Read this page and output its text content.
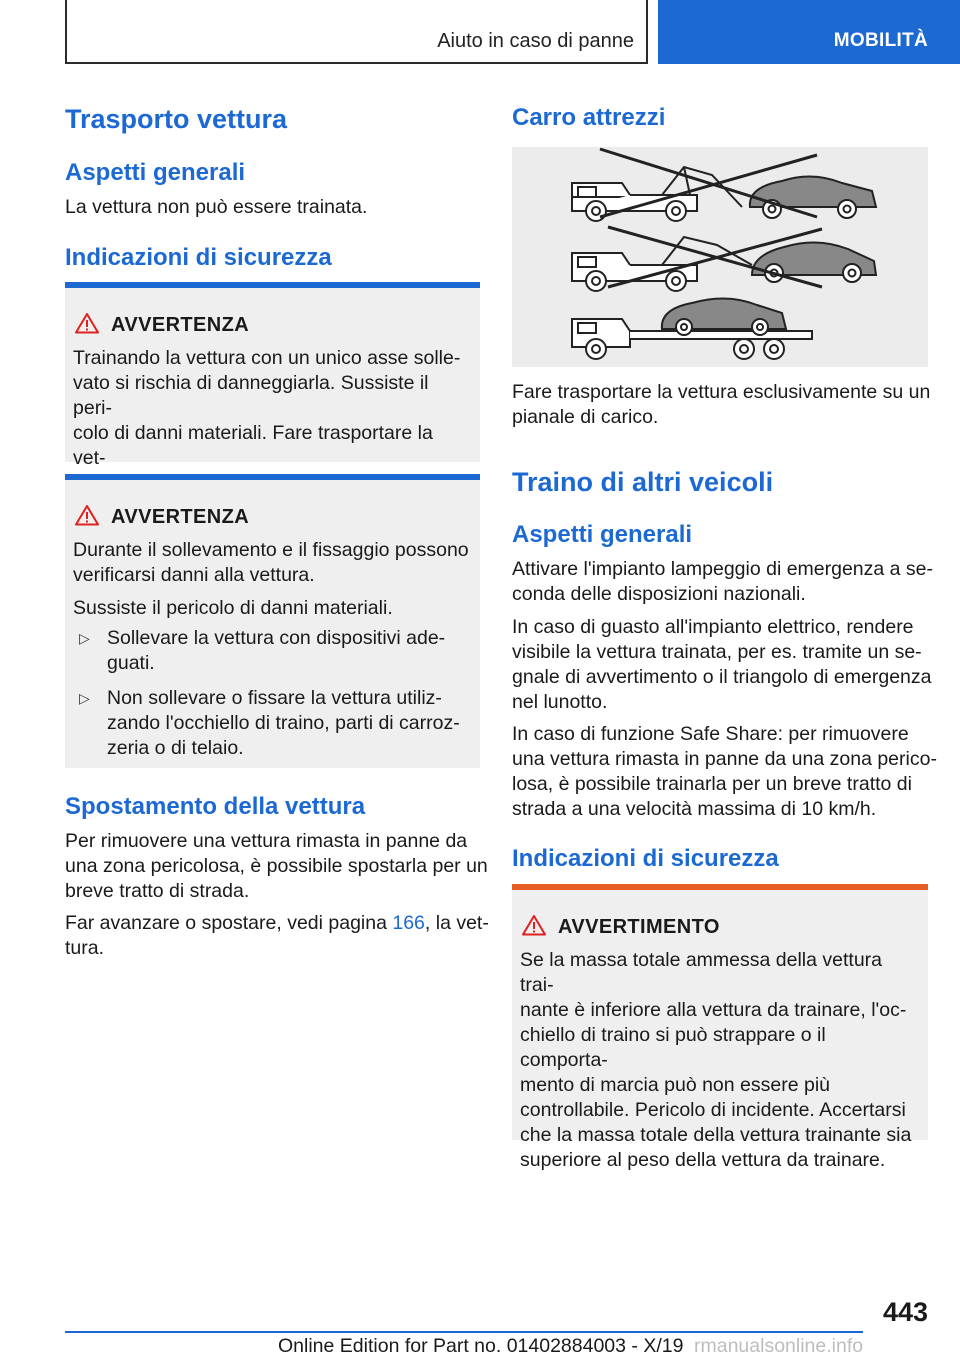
Aiuto in caso di panne	MOBILITÀ
Trasporto vettura
Aspetti generali
La vettura non può essere trainata.
Indicazioni di sicurezza
AVVERTENZA
Trainando la vettura con un unico asse solle-
vato si rischia di danneggiarla. Sussiste il peri-
colo di danni materiali. Fare trasportare la vet-
AVVERTENZA
Durante il sollevamento e il fissaggio possono
verificarsi danni alla vettura.
Sussiste il pericolo di danni materiali.
▷ Sollevare la vettura con dispositivi ade-
guati.
▷ Non sollevare o fissare la vettura utiliz-
zando l'occhiello di traino, parti di carroz-
zeria o di telaio.
Spostamento della vettura
Per rimuovere una vettura rimasta in panne da
una zona pericolosa, è possibile spostarla per un
breve tratto di strada.
Far avanzare o spostare, vedi pagina 166, la vet-
tura.
Carro attrezzi
Fare trasportare la vettura esclusivamente su un
pianale di carico.
Traino di altri veicoli
Aspetti generali
Attivare l'impianto lampeggio di emergenza a se-
conda delle disposizioni nazionali.
In caso di guasto all'impianto elettrico, rendere
visibile la vettura trainata, per es. tramite un se-
gnale di avvertimento o il triangolo di emergenza
nel lunotto.
In caso di funzione Safe Share: per rimuovere
una vettura rimasta in panne da una zona perico-
losa, è possibile trainarla per un breve tratto di
strada a una velocità massima di 10 km/h.
Indicazioni di sicurezza
AVVERTIMENTO
Se la massa totale ammessa della vettura trai-
nante è inferiore alla vettura da trainare, l'oc-
chiello di traino si può strappare o il comporta-
mento di marcia può non essere più
controllabile. Pericolo di incidente. Accertarsi
che la massa totale della vettura trainante sia
superiore al peso della vettura da trainare.
443
Online Edition for Part no. 01402884003 - X/19 rmanualsonline.info
